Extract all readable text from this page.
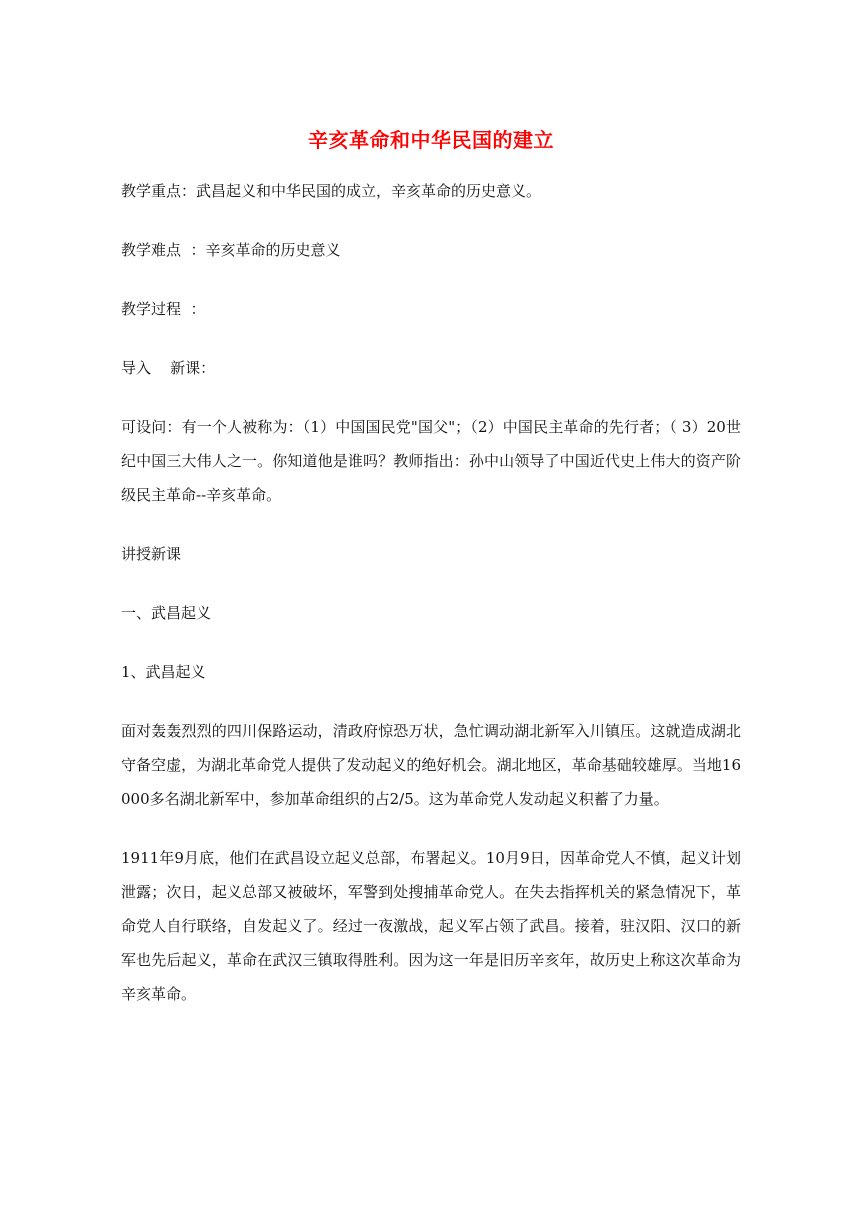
辛亥革命和中华民国的建立
教学重点：武昌起义和中华民国的成立，辛亥革命的历史意义。
教学难点  ：辛亥革命的历史意义
教学过程  ：
导入    新课：
可设问：有一个人被称为：（1）中国国民党"国父"；（2）中国民主革命的先行者；（ 3）20世纪中国三大伟人之一。你知道他是谁吗？教师指出：孙中山领导了中国近代史上伟大的资产阶级民主革命--辛亥革命。
讲授新课
一、武昌起义
1、武昌起义
面对轰轰烈烈的四川保路运动，清政府惊恐万状，急忙调动湖北新军入川镇压。这就造成湖北守备空虚，为湖北革命党人提供了发动起义的绝好机会。湖北地区，革命基础较雄厚。当地16000多名湖北新军中，参加革命组织的占2/5。这为革命党人发动起义积蓄了力量。
1911年9月底，他们在武昌设立起义总部，布署起义。10月9日，因革命党人不慎，起义计划泄露；次日，起义总部又被破坏，军警到处搜捕革命党人。在失去指挥机关的紧急情况下，革命党人自行联络，自发起义了。经过一夜激战，起义军占领了武昌。接着，驻汉阳、汉口的新军也先后起义，革命在武汉三镇取得胜利。因为这一年是旧历辛亥年，故历史上称这次革命为辛亥革命。
